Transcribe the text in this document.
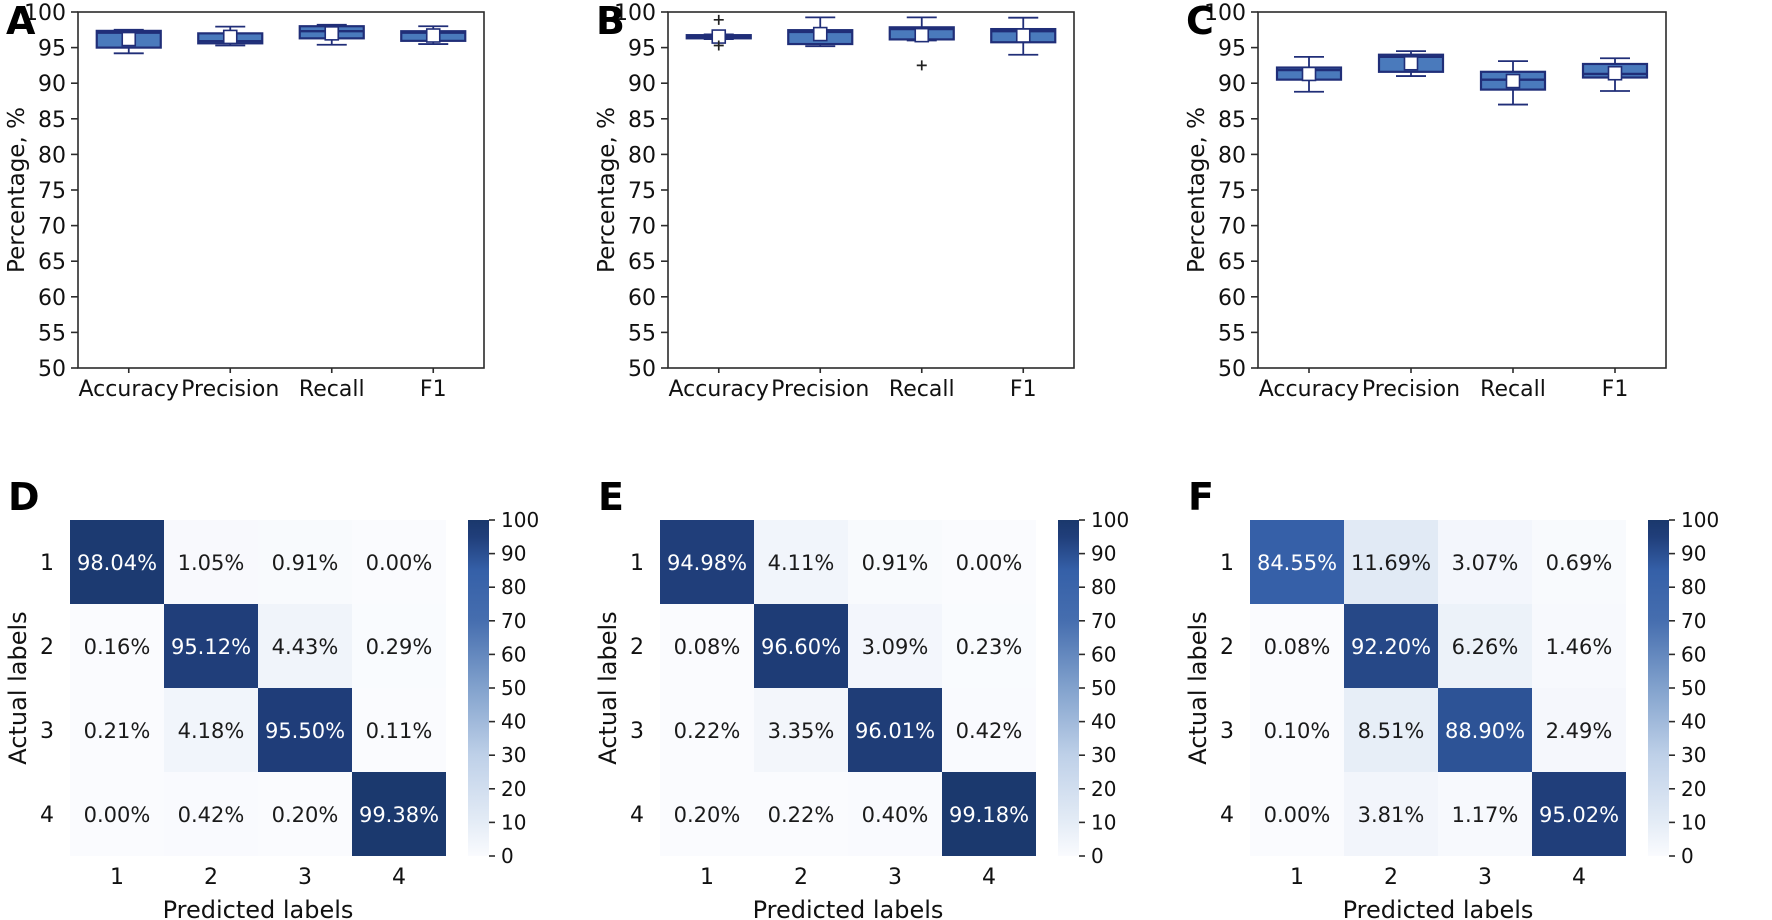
A
100
95
90
85
80
75
70
65
60
55
50
Percentage, %
Accuracy Precision Recall	F1
B
100
95
90
85
80
75
70
65
60
55
50
Percentage, %
Accuracy Precision Recall	F1
C
100
95
90
85
80
75
70
65
60
55
50
Percentage, %
Accuracy Precision Recall	F1
D
98.04% 1.05% 0.91% 0.00%
1
0.16% 95.12% 4.43% 0.29%
2
0.21% 4.18% 95.50% 0.11%
3
0.00% 0.42% 0.20% 99.38%
4
1	2	3	4
Predicted labels
Actual labels
100
90
80
70
60
50
40
30
20
10
0
E
94.98% 4.11% 0.91% 0.00%
1
0.08% 96.60% 3.09% 0.23%
2
0.22% 3.35% 96.01% 0.42%
3
0.20% 0.22% 0.40% 99.18%
4
1	2	3	4
Predicted labels
Actual labels
100
90
80
70
60
50
40
30
20
10
0
F
84.55% 11.69% 3.07% 0.69%
1
0.08% 92.20% 6.26% 1.46%
2
0.10% 8.51% 88.90% 2.49%
3
0.00% 3.81% 1.17% 95.02%
4
1	2	3	4
Predicted labels
Actual labels
100
90
80
70
60
50
40
30
20
10
0
